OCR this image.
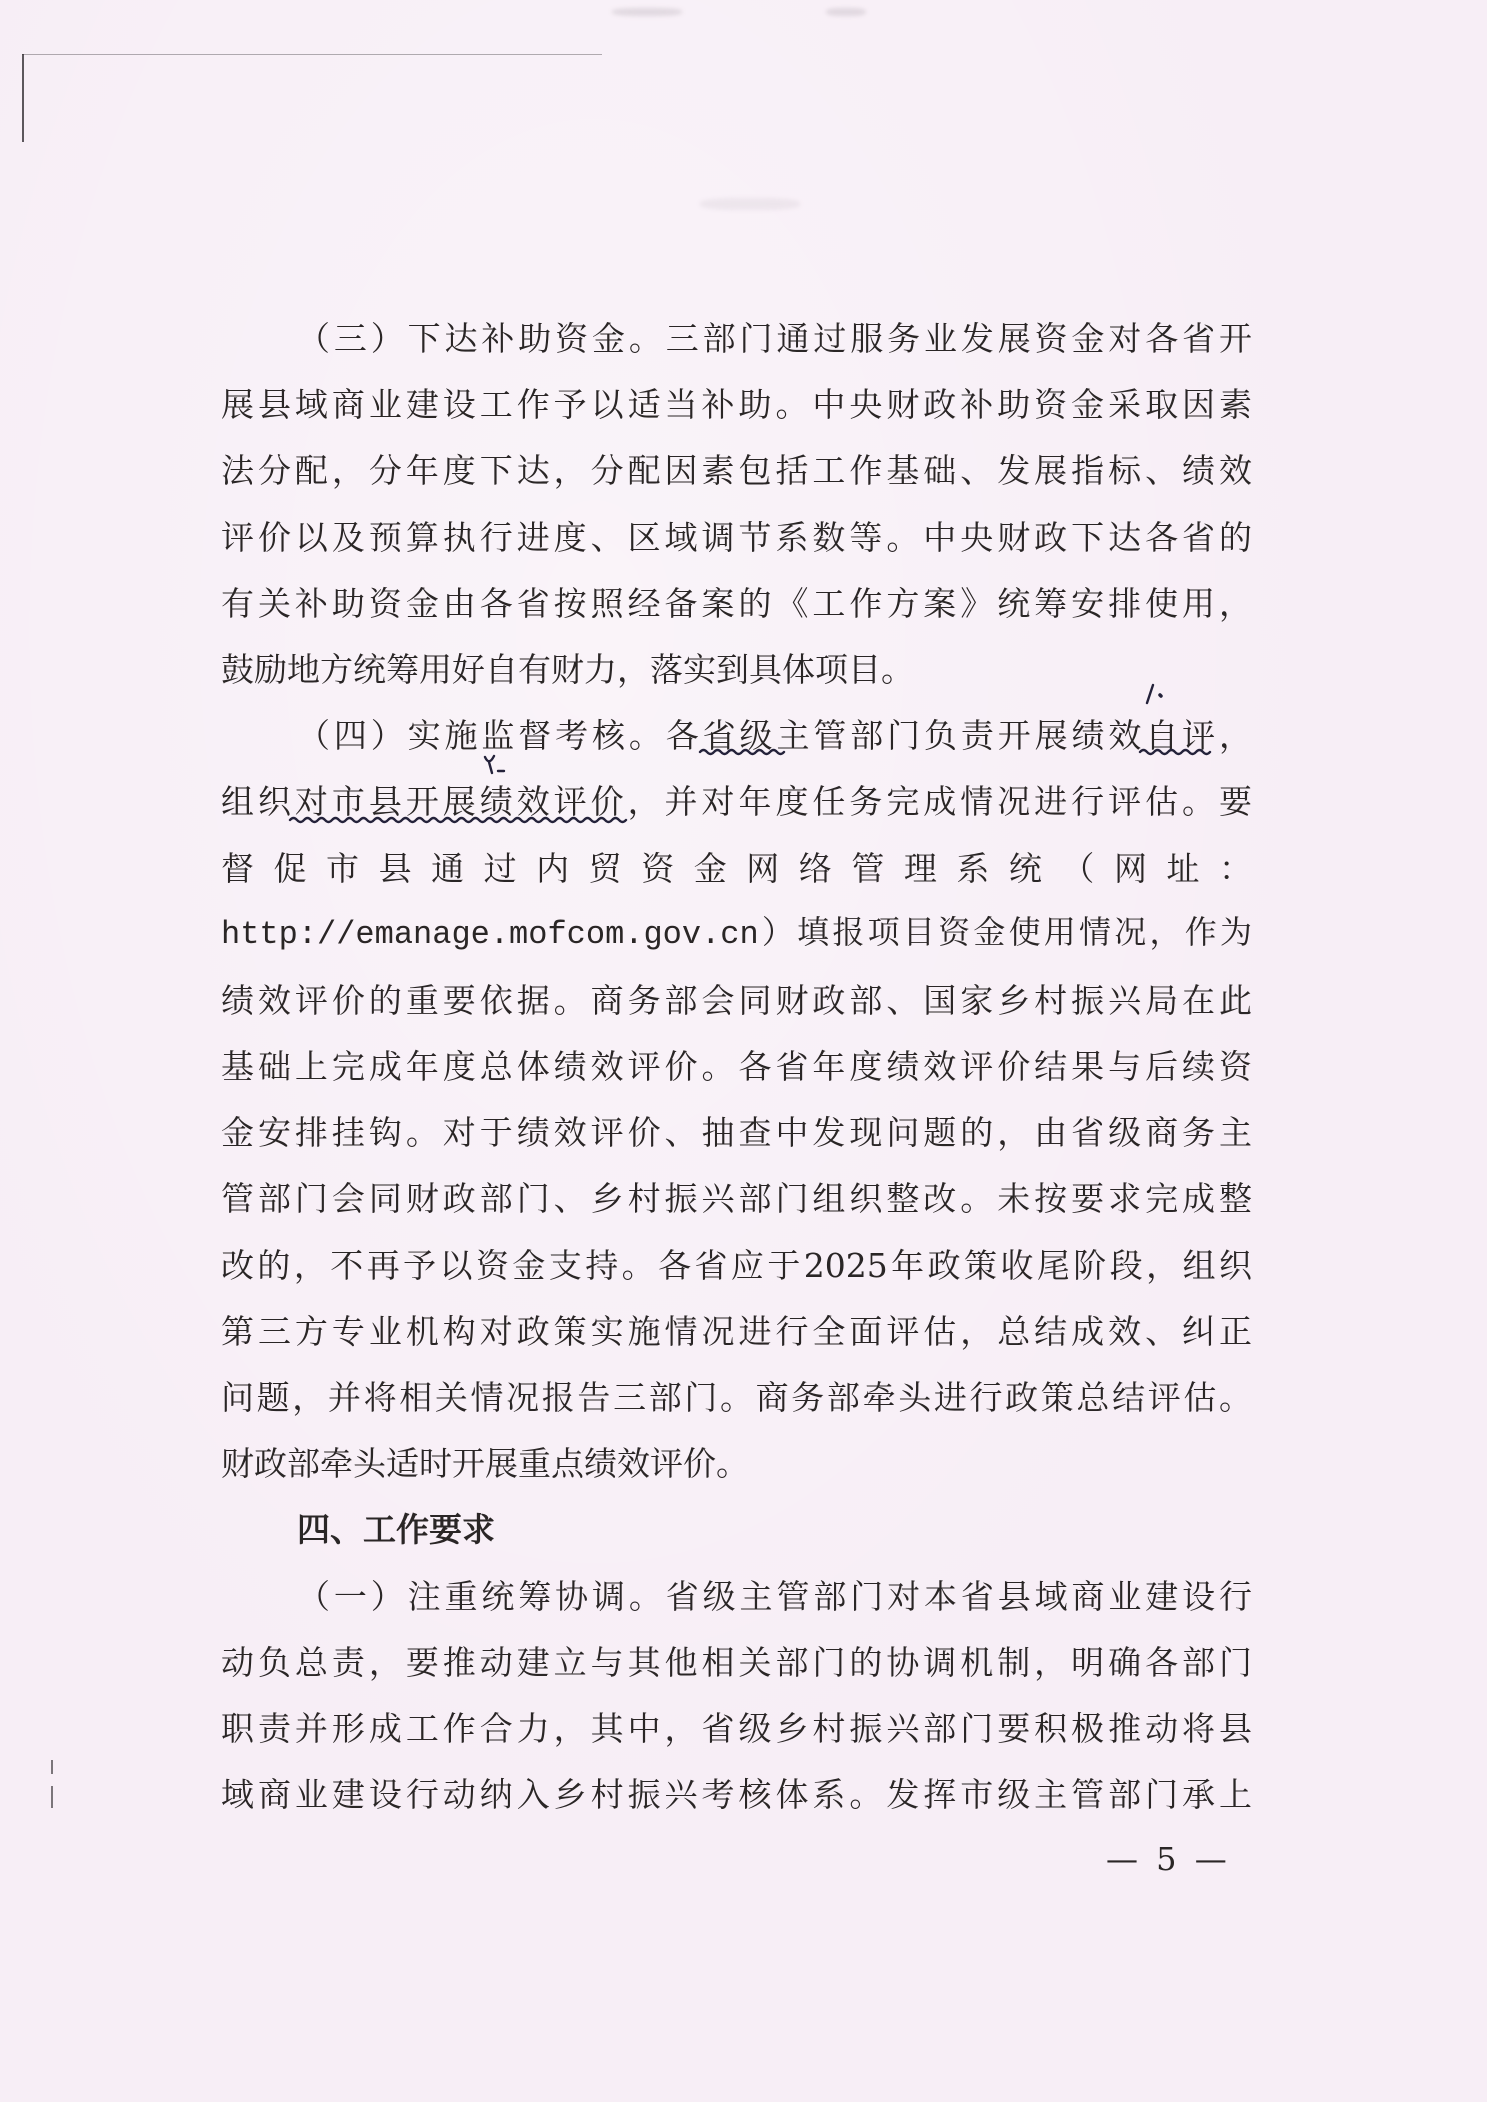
（三）下达补助资金。三部门通过服务业发展资金对各省开
展县域商业建设工作予以适当补助。中央财政补助资金采取因素
法分配，分年度下达，分配因素包括工作基础、发展指标、绩效
评价以及预算执行进度、区域调节系数等。中央财政下达各省的
有关补助资金由各省按照经备案的《工作方案》统筹安排使用，
鼓励地方统筹用好自有财力，落实到具体项目。
（四）实施监督考核。各省级主管部门负责开展绩效自评，
组织对市县开展绩效评价，并对年度任务完成情况进行评估。要
督促市县通过内贸资金网络管理系统（网址：
http://emanage.mofcom.gov.cn）填报项目资金使用情况，作为
绩效评价的重要依据。商务部会同财政部、国家乡村振兴局在此
基础上完成年度总体绩效评价。各省年度绩效评价结果与后续资
金安排挂钩。对于绩效评价、抽查中发现问题的，由省级商务主
管部门会同财政部门、乡村振兴部门组织整改。未按要求完成整
改的，不再予以资金支持。各省应于2025年政策收尾阶段，组织
第三方专业机构对政策实施情况进行全面评估，总结成效、纠正
问题，并将相关情况报告三部门。商务部牵头进行政策总结评估。
财政部牵头适时开展重点绩效评价。
四、工作要求
（一）注重统筹协调。省级主管部门对本省县域商业建设行
动负总责，要推动建立与其他相关部门的协调机制，明确各部门
职责并形成工作合力，其中，省级乡村振兴部门要积极推动将县
域商业建设行动纳入乡村振兴考核体系。发挥市级主管部门承上
— 5 —
